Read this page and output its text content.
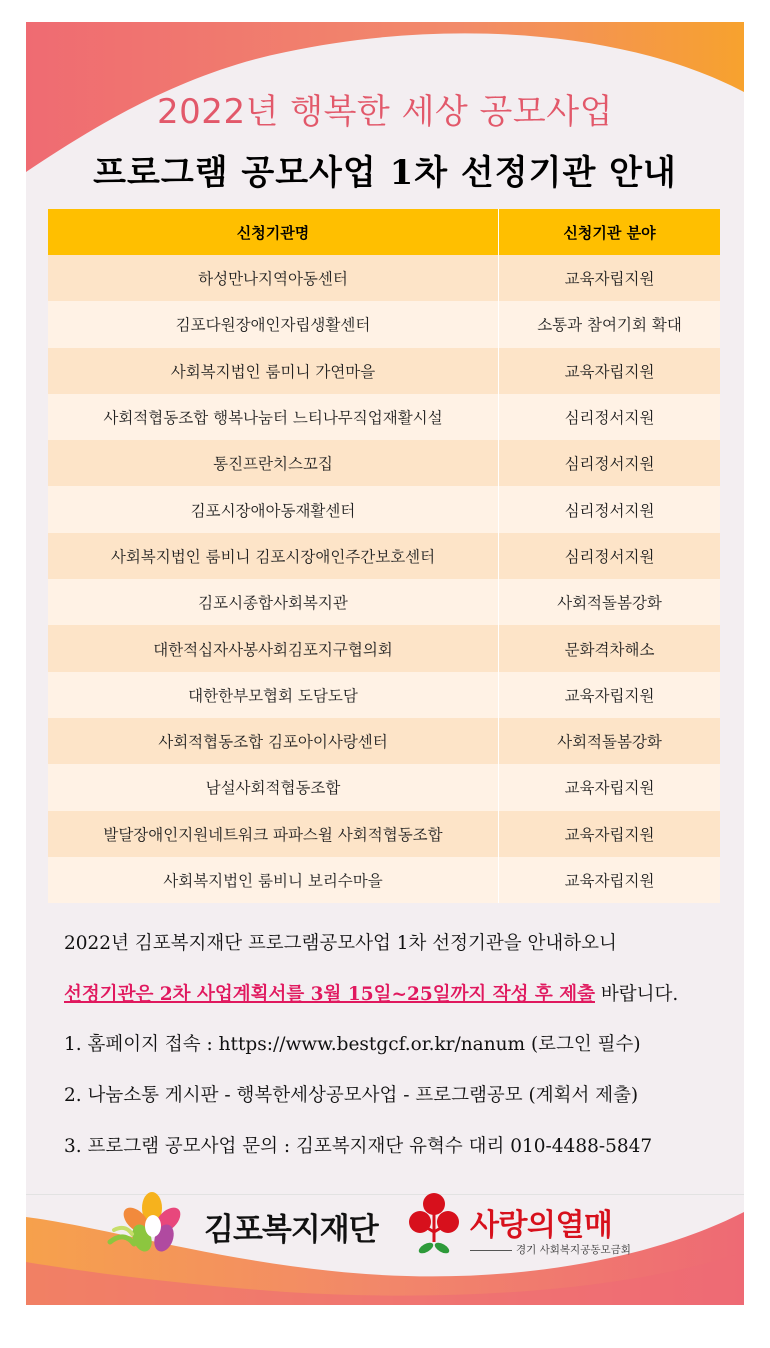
2022년 행복한 세상 공모사업
프로그램 공모사업 1차 선정기관 안내
신청기관명	신청기관 분야
하성만나지역아동센터	교육자립지원
김포다원장애인자립생활센터	소통과 참여기회 확대
사회복지법인 룸미니 가연마을	교육자립지원
사회적협동조합 행복나눔터 느티나무직업재활시설	심리정서지원
통진프란치스꼬집	심리정서지원
김포시장애아동재활센터	심리정서지원
사회복지법인 룸비니 김포시장애인주간보호센터	심리정서지원
김포시종합사회복지관	사회적돌봄강화
대한적십자사봉사회김포지구협의회	문화격차해소
대한한부모협회 도담도담	교육자립지원
사회적협동조합 김포아이사랑센터	사회적돌봄강화
남설사회적협동조합	교육자립지원
발달장애인지원네트워크 파파스윌 사회적협동조합	교육자립지원
사회복지법인 룸비니 보리수마을	교육자립지원
2022년 김포복지재단 프로그램공모사업 1차 선정기관을 안내하오니
선정기관은 2차 사업계획서를 3월 15일~25일까지 작성 후 제출 바랍니다.
1. 홈페이지 접속 : https://www.bestgcf.or.kr/nanum (로그인 필수)
2. 나눔소통 게시판 - 행복한세상공모사업 - 프로그램공모 (계획서 제출)
3. 프로그램 공모사업 문의 : 김포복지재단 유혁수 대리 010-4488-5847
김포복지재단	사랑의열매
경기 사회복지공동모금회
